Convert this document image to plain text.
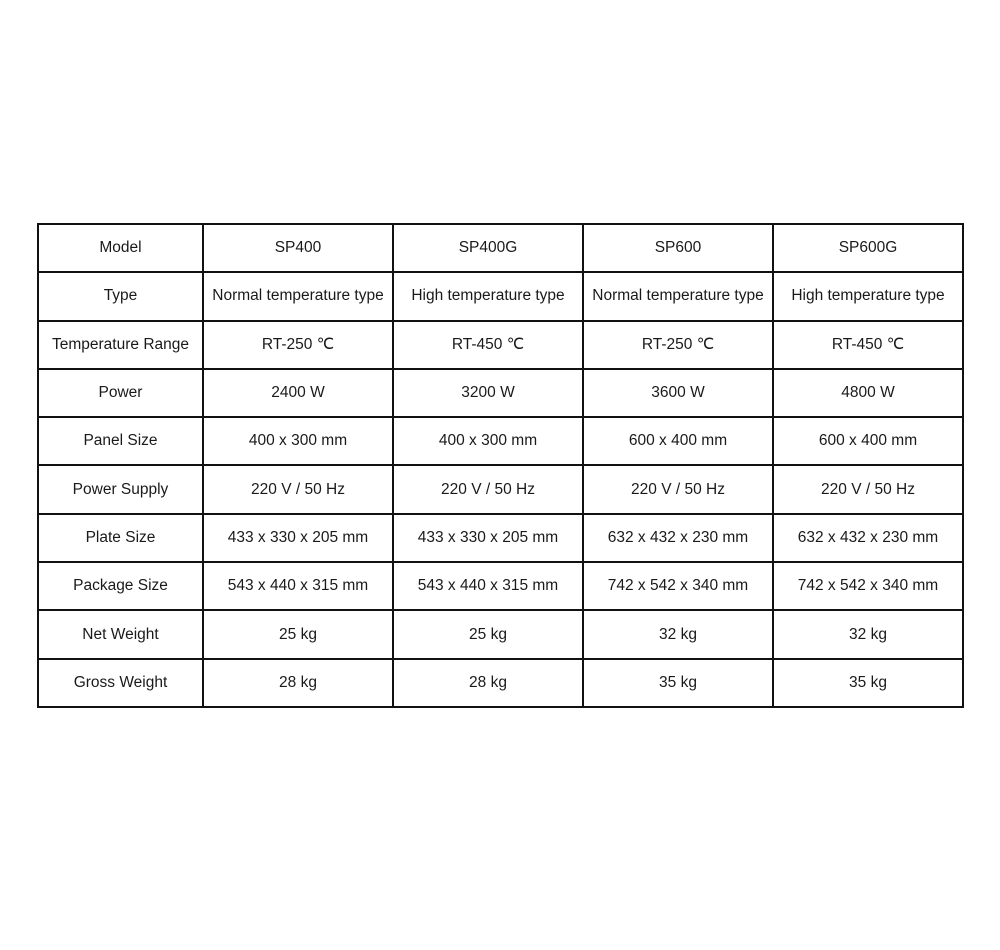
Model	SP400	SP400G	SP600	SP600G
Type	Normal temperature type	High temperature type	Normal temperature type	High temperature type
Temperature Range	RT-250 ℃	RT-450 ℃	RT-250 ℃	RT-450 ℃
Power	2400 W	3200 W	3600 W	4800 W
Panel Size	400 x 300 mm	400 x 300 mm	600 x 400 mm	600 x 400 mm
Power Supply	220 V / 50 Hz	220 V / 50 Hz	220 V / 50 Hz	220 V / 50 Hz
Plate Size	433 x 330 x 205 mm	433 x 330 x 205 mm	632 x 432 x 230 mm	632 x 432 x 230 mm
Package Size	543 x 440 x 315 mm	543 x 440 x 315 mm	742 x 542 x 340 mm	742 x 542 x 340 mm
Net Weight	25 kg	25 kg	32 kg	32 kg
Gross Weight	28 kg	28 kg	35 kg	35 kg
